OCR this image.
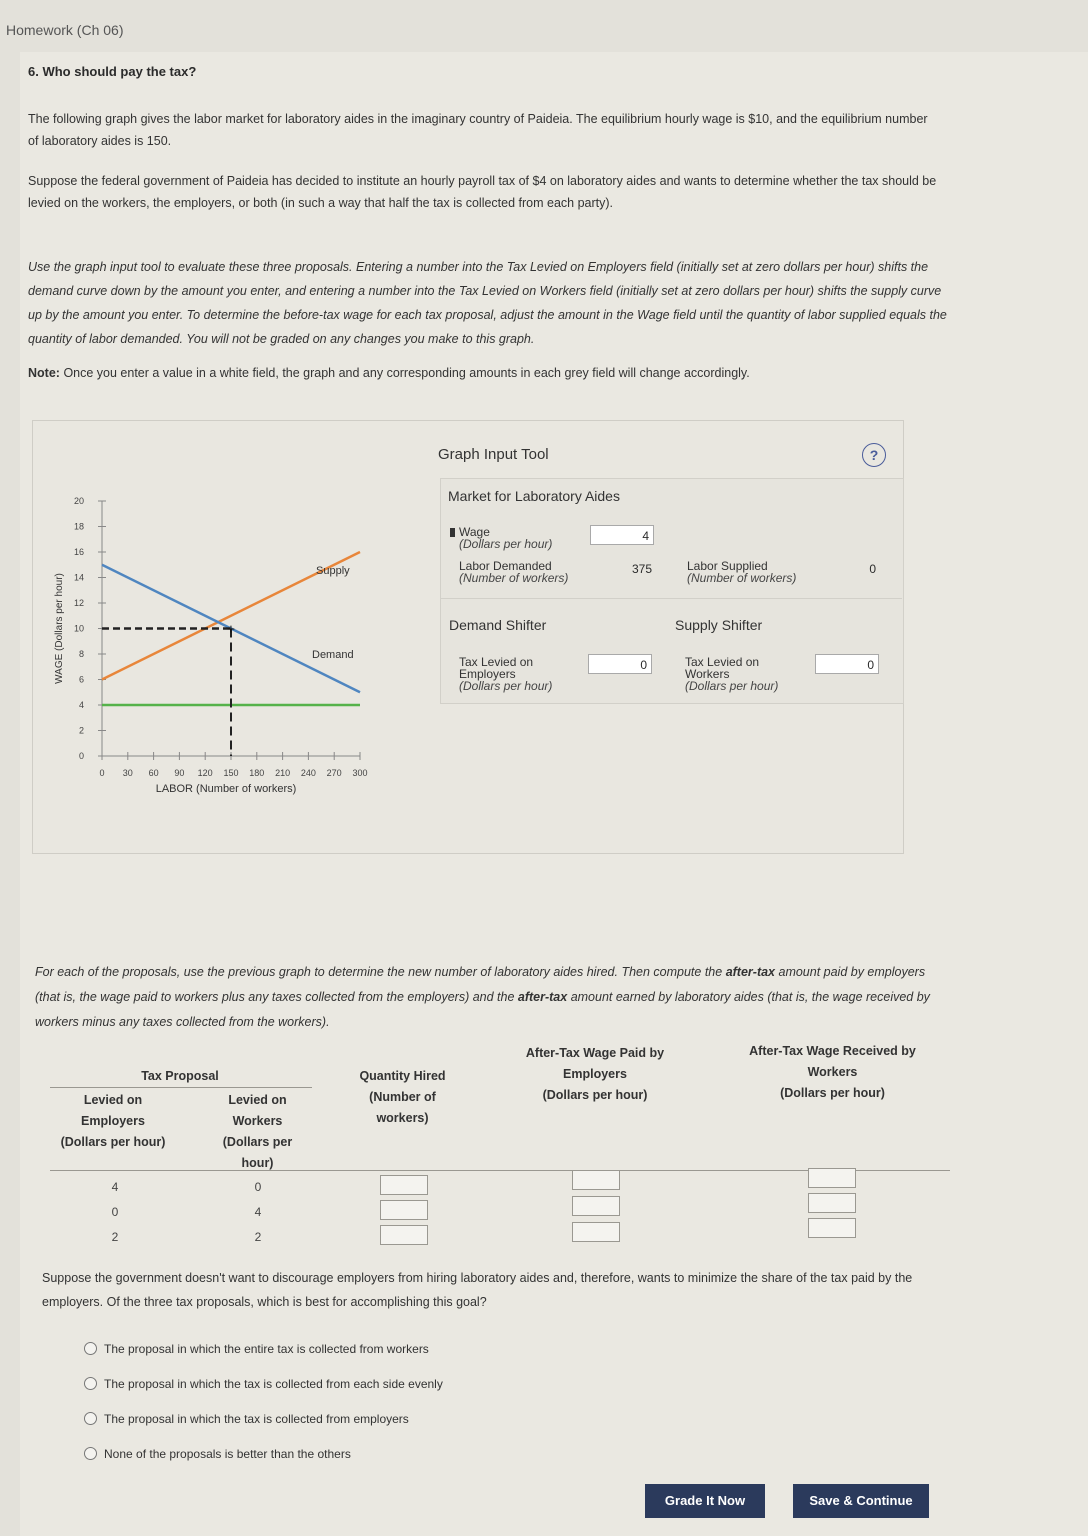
Homework (Ch 06)
6. Who should pay the tax?
The following graph gives the labor market for laboratory aides in the imaginary country of Paideia. The equilibrium hourly wage is $10, and the equilibrium number of laboratory aides is 150.
Suppose the federal government of Paideia has decided to institute an hourly payroll tax of $4 on laboratory aides and wants to determine whether the tax should be levied on the workers, the employers, or both (in such a way that half the tax is collected from each party).
Use the graph input tool to evaluate these three proposals. Entering a number into the Tax Levied on Employers field (initially set at zero dollars per hour) shifts the demand curve down by the amount you enter, and entering a number into the Tax Levied on Workers field (initially set at zero dollars per hour) shifts the supply curve up by the amount you enter. To determine the before-tax wage for each tax proposal, adjust the amount in the Wage field until the quantity of labor supplied equals the quantity of labor demanded. You will not be graded on any changes you make to this graph.
Note: Once you enter a value in a white field, the graph and any corresponding amounts in each grey field will change accordingly.
+
0
2
4
6
8
10
12
14
16
18
20
0 30 60 90 120 150 180 210 240 270 300
Supply
Demand
LABOR (Number of workers)
WAGE (Dollars per hour)
Graph Input Tool	?
Market for Laboratory Aides
Wage
(Dollars per hour)
4
Labor Demanded
(Number of workers)
375	Labor Supplied
(Number of workers)
0
Demand Shifter	Supply Shifter
Tax Levied on
Employers
(Dollars per hour)
0	Tax Levied on
Workers
(Dollars per hour)
0
For each of the proposals, use the previous graph to determine the new number of laboratory aides hired. Then compute the after-tax amount paid by employers (that is, the wage paid to workers plus any taxes collected from the employers) and the after-tax amount earned by laboratory aides (that is, the wage received by workers minus any taxes collected from the workers).
Tax Proposal
Levied on
Employers
(Dollars per hour)
Levied on
Workers
(Dollars per
hour)
Quantity Hired
(Number of
workers)
After-Tax Wage Paid by
Employers
(Dollars per hour)
After-Tax Wage Received by
Workers
(Dollars per hour)
4	0
0	4
2	2
Suppose the government doesn't want to discourage employers from hiring laboratory aides and, therefore, wants to minimize the share of the tax paid by the employers. Of the three tax proposals, which is best for accomplishing this goal?
The proposal in which the entire tax is collected from workers
The proposal in which the tax is collected from each side evenly
The proposal in which the tax is collected from employers
None of the proposals is better than the others
Grade It Now	Save & Continue
